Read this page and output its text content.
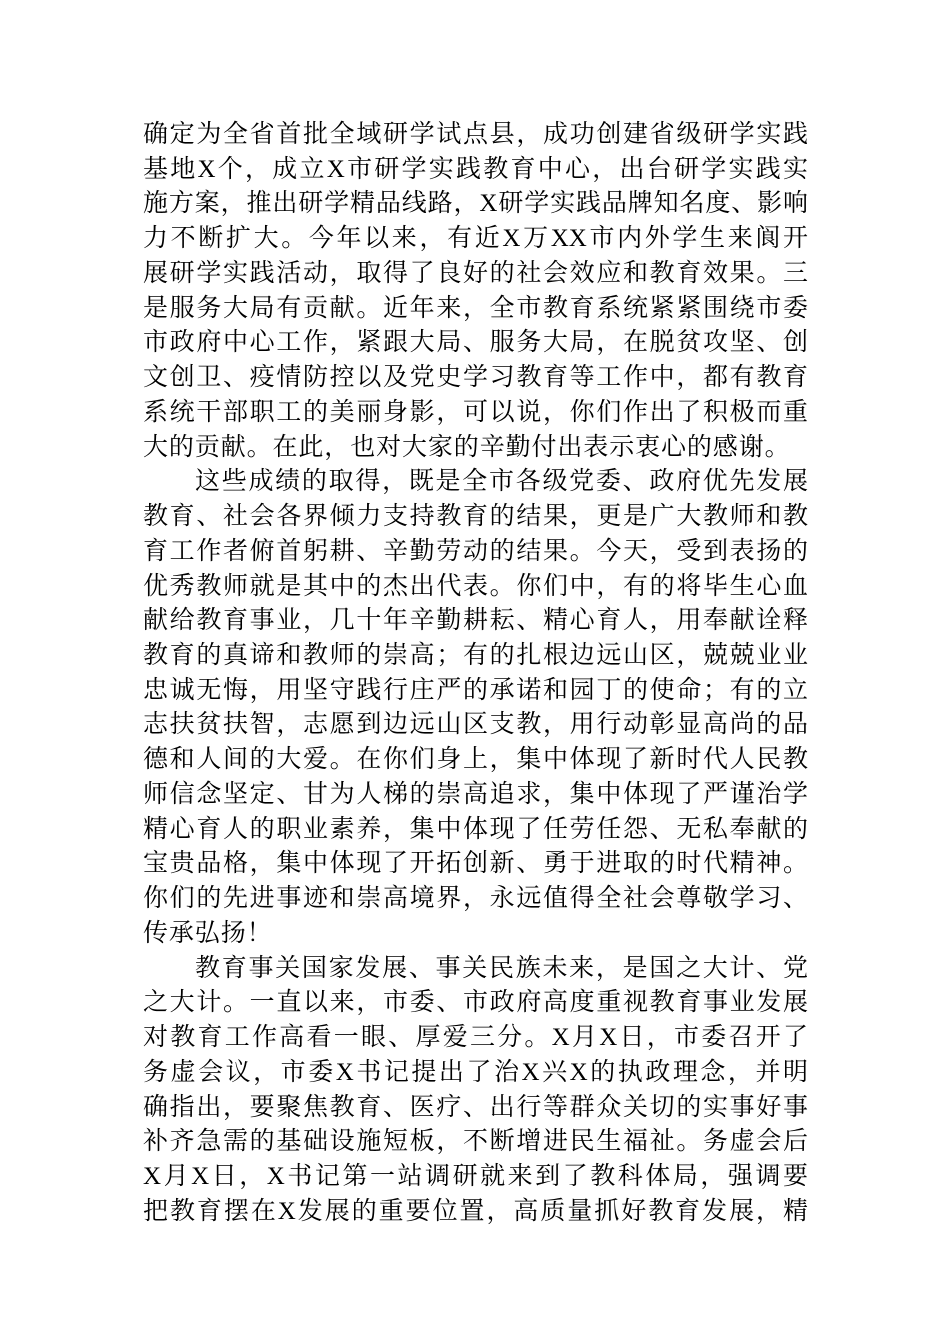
确定为全省首批全域研学试点县，成功创建省级研学实践
基地X个，成立X市研学实践教育中心，出台研学实践实
施方案，推出研学精品线路，X研学实践品牌知名度、影响
力不断扩大。今年以来，有近X万XX市内外学生来阆开
展研学实践活动，取得了良好的社会效应和教育效果。三
是服务大局有贡献。近年来，全市教育系统紧紧围绕市委
市政府中心工作，紧跟大局、服务大局，在脱贫攻坚、创
文创卫、疫情防控以及党史学习教育等工作中，都有教育
系统干部职工的美丽身影，可以说，你们作出了积极而重
大的贡献。在此，也对大家的辛勤付出表示衷心的感谢。
这些成绩的取得，既是全市各级党委、政府优先发展
教育、社会各界倾力支持教育的结果，更是广大教师和教
育工作者俯首躬耕、辛勤劳动的结果。今天，受到表扬的
优秀教师就是其中的杰出代表。你们中，有的将毕生心血
献给教育事业，几十年辛勤耕耘、精心育人，用奉献诠释
教育的真谛和教师的崇高；有的扎根边远山区，兢兢业业
忠诚无悔，用坚守践行庄严的承诺和园丁的使命；有的立
志扶贫扶智，志愿到边远山区支教，用行动彰显高尚的品
德和人间的大爱。在你们身上，集中体现了新时代人民教
师信念坚定、甘为人梯的崇高追求，集中体现了严谨治学
精心育人的职业素养，集中体现了任劳任怨、无私奉献的
宝贵品格，集中体现了开拓创新、勇于进取的时代精神。
你们的先进事迹和崇高境界，永远值得全社会尊敬学习、
传承弘扬！
教育事关国家发展、事关民族未来，是国之大计、党
之大计。一直以来，市委、市政府高度重视教育事业发展
对教育工作高看一眼、厚爱三分。X月X日，市委召开了
务虚会议，市委X书记提出了治X兴X的执政理念，并明
确指出，要聚焦教育、医疗、出行等群众关切的实事好事
补齐急需的基础设施短板，不断增进民生福祉。务虚会后
X月X日，X书记第一站调研就来到了教科体局，强调要
把教育摆在X发展的重要位置，高质量抓好教育发展，精
